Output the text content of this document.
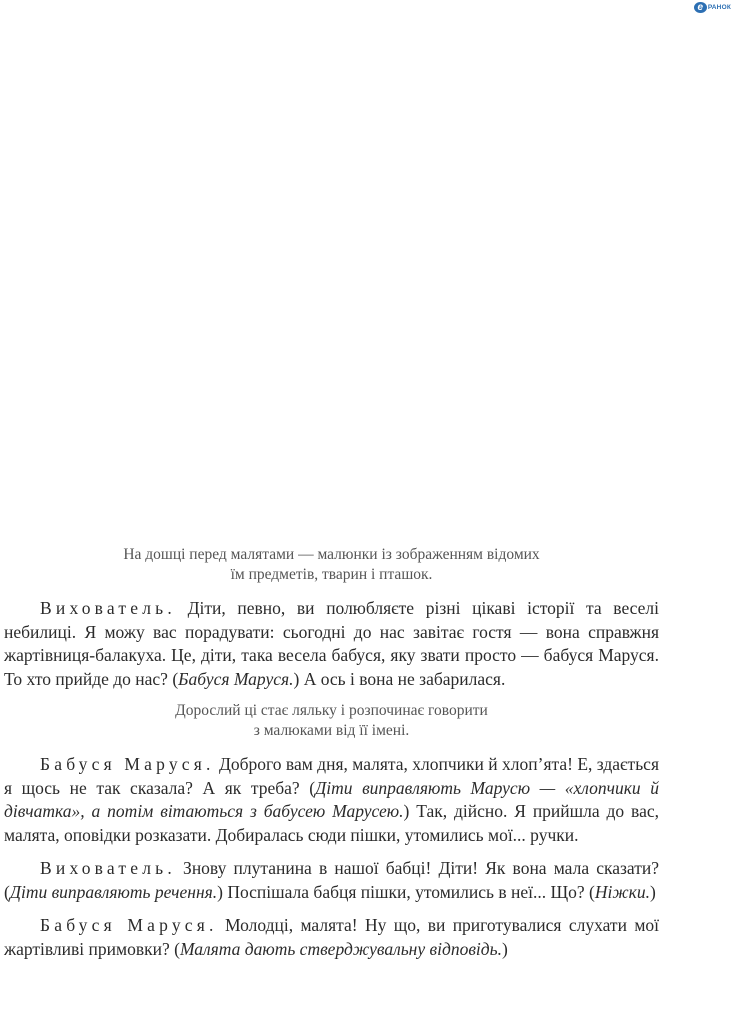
e РАНОК

На дошці перед малятами — малюнки із зображенням відомих
їм предметів, тварин і пташок.

Вихователь. Діти, певно, ви полюбляєте різні цікаві історії та веселі небилиці. Я можу вас порадувати: сьогодні до нас завітає гостя — вона справжня жартівниця-балакуха. Це, діти, така весела бабуся, яку звати просто — бабуся Маруся. То хто прийде до нас? (Бабуся Маруся.) А ось і вона не забарилася.

Дорослий ці стає ляльку і розпочинає говорити
з малюками від її імені.

Бабуся Маруся. Доброго вам дня, малята, хлопчики й хлоп’ята! Е, здається я щось не так сказала? А як треба? (Діти виправляють Марусю — «хлопчики й дівчатка», а потім вітаються з бабусею Марусею.) Так, дійсно. Я прийшла до вас, малята, оповідки розказати. Добиралась сюди пішки, утомились мої... ручки.

Вихователь. Знову плутанина в нашої бабці! Діти! Як вона мала сказати? (Діти виправляють речення.) Поспішала бабця пішки, утомились в неї... Що? (Ніжки.)

Бабуся Маруся. Молодці, малята! Ну що, ви приготувалися слухати мої жартівливі примовки? (Малята дають стверджувальну відповідь.)
